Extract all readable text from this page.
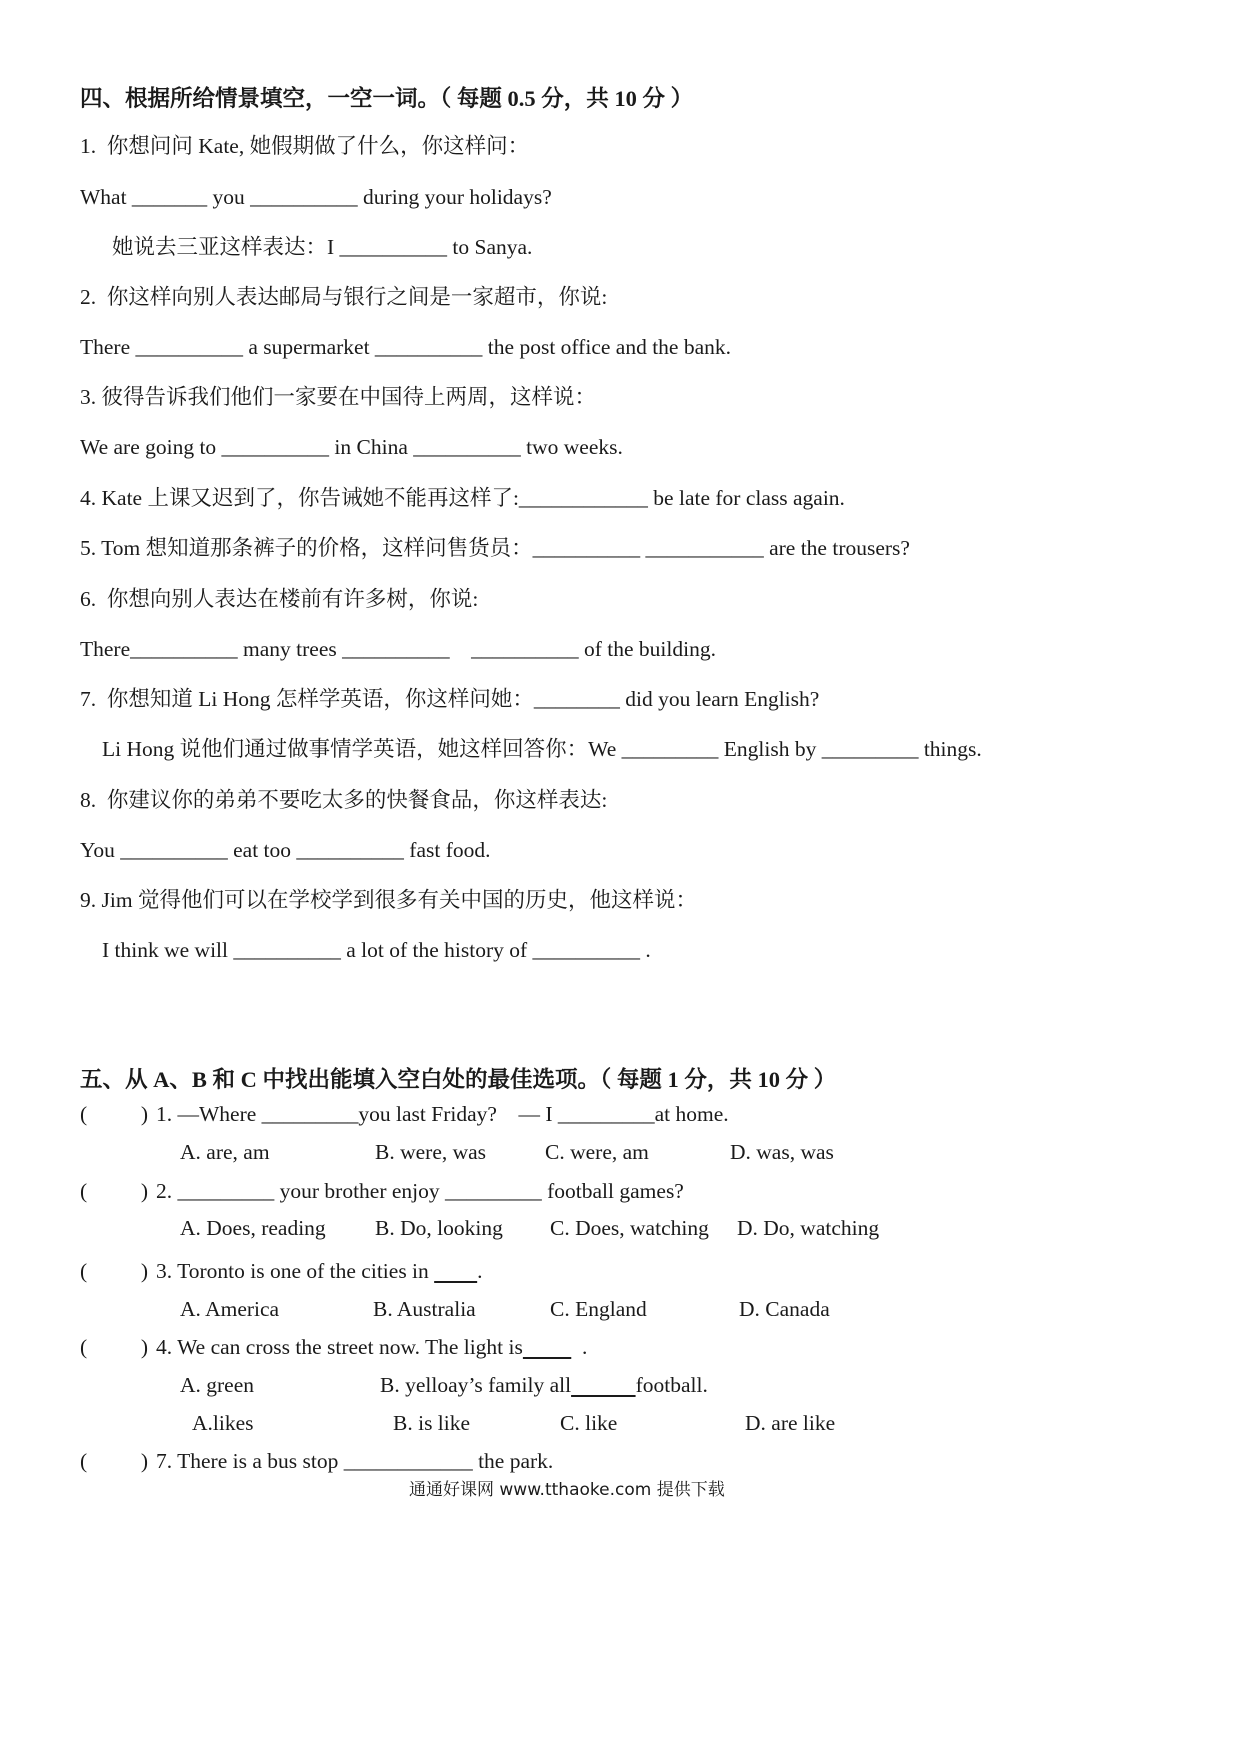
四、根据所给情景填空，一空一词。（ 每题 0.5 分，共 10 分 ）
1.  你想问问 Kate, 她假期做了什么，你这样问：
What _______ you __________ during your holidays?
她说去三亚这样表达：I __________ to Sanya.
2.  你这样向别人表达邮局与银行之间是一家超市，你说:
There __________ a supermarket __________ the post office and the bank.
3. 彼得告诉我们他们一家要在中国待上两周，这样说：
We are going to __________ in China __________ two weeks.
4. Kate 上课又迟到了，你告诫她不能再这样了:____________ be late for class again.
5. Tom 想知道那条裤子的价格，这样问售货员：__________ ___________ are the trousers?
6.  你想向别人表达在楼前有许多树，你说:
There__________ many trees __________    __________ of the building.
7.  你想知道 Li Hong 怎样学英语，你这样问她：________ did you learn English?
Li Hong 说他们通过做事情学英语，她这样回答你：We _________ English by _________ things.
8.  你建议你的弟弟不要吃太多的快餐食品，你这样表达:
You __________ eat too __________ fast food.
9. Jim 觉得他们可以在学校学到很多有关中国的历史，他这样说：
I think we will __________ a lot of the history of __________ .
五、从 A、B 和 C 中找出能填入空白处的最佳选项。（ 每题 1 分，共 10 分 ）
(          ) 1. —Where _________you last Friday?    — I _________at home.
A. are, am	B. were, was	C. were, am	D. was, was
(          ) 2. _________ your brother enjoy _________ football games?
A. Does, reading B. Do, looking C. Does, watching D. Do, watching
(          ) 3. Toronto is one of the cities in         .
A. America	B. Australia	C. England	D. Canada
(          ) 4. We can cross the street now. The light is           .
A. green	B. yelloay’s family all	football.
A.likes	B. is like	C. like	D. are like
(          ) 7. There is a bus stop ____________ the park.
通通好课网 www.tthaoke.com 提供下载
